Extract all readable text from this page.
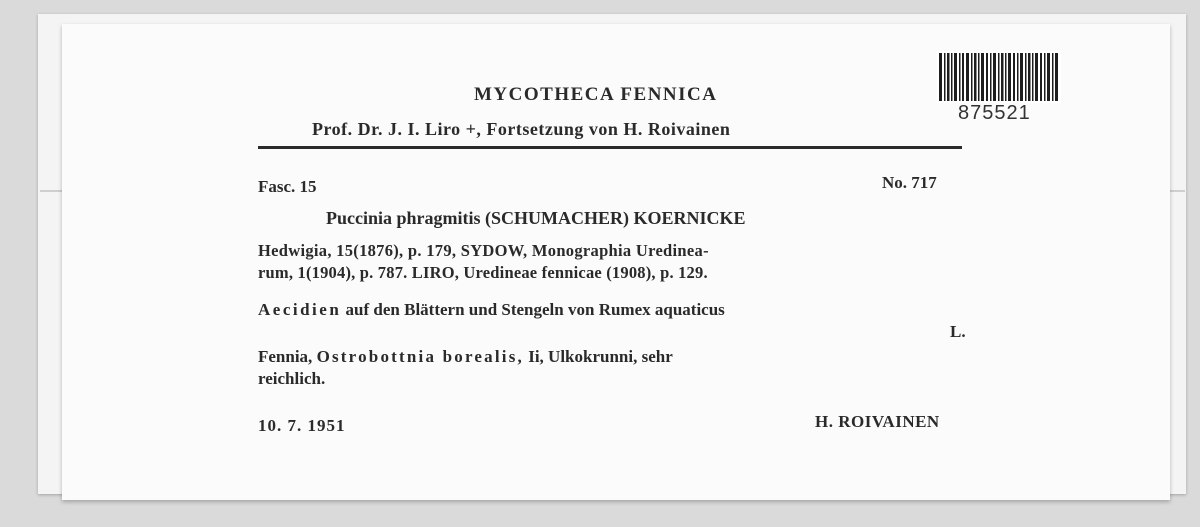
MYCOTHECA FENNICA
Prof. Dr. J. I. Liro +, Fortsetzung von H. Roivainen
875521
Fasc. 15	No. 717
Puccinia phragmitis (SCHUMACHER) KOERNICKE
Hedwigia, 15(1876), p. 179, SYDOW, Monographia Uredinea-
rum, 1(1904), p. 787. LIRO, Uredineae fennicae (1908), p. 129.
Aecidien auf den Blättern und Stengeln von Rumex aquaticus
L.
Fennia, Ostrobottnia borealis, Ii, Ulkokrunni, sehr
reichlich.
10. 7. 1951	H. ROIVAINEN
